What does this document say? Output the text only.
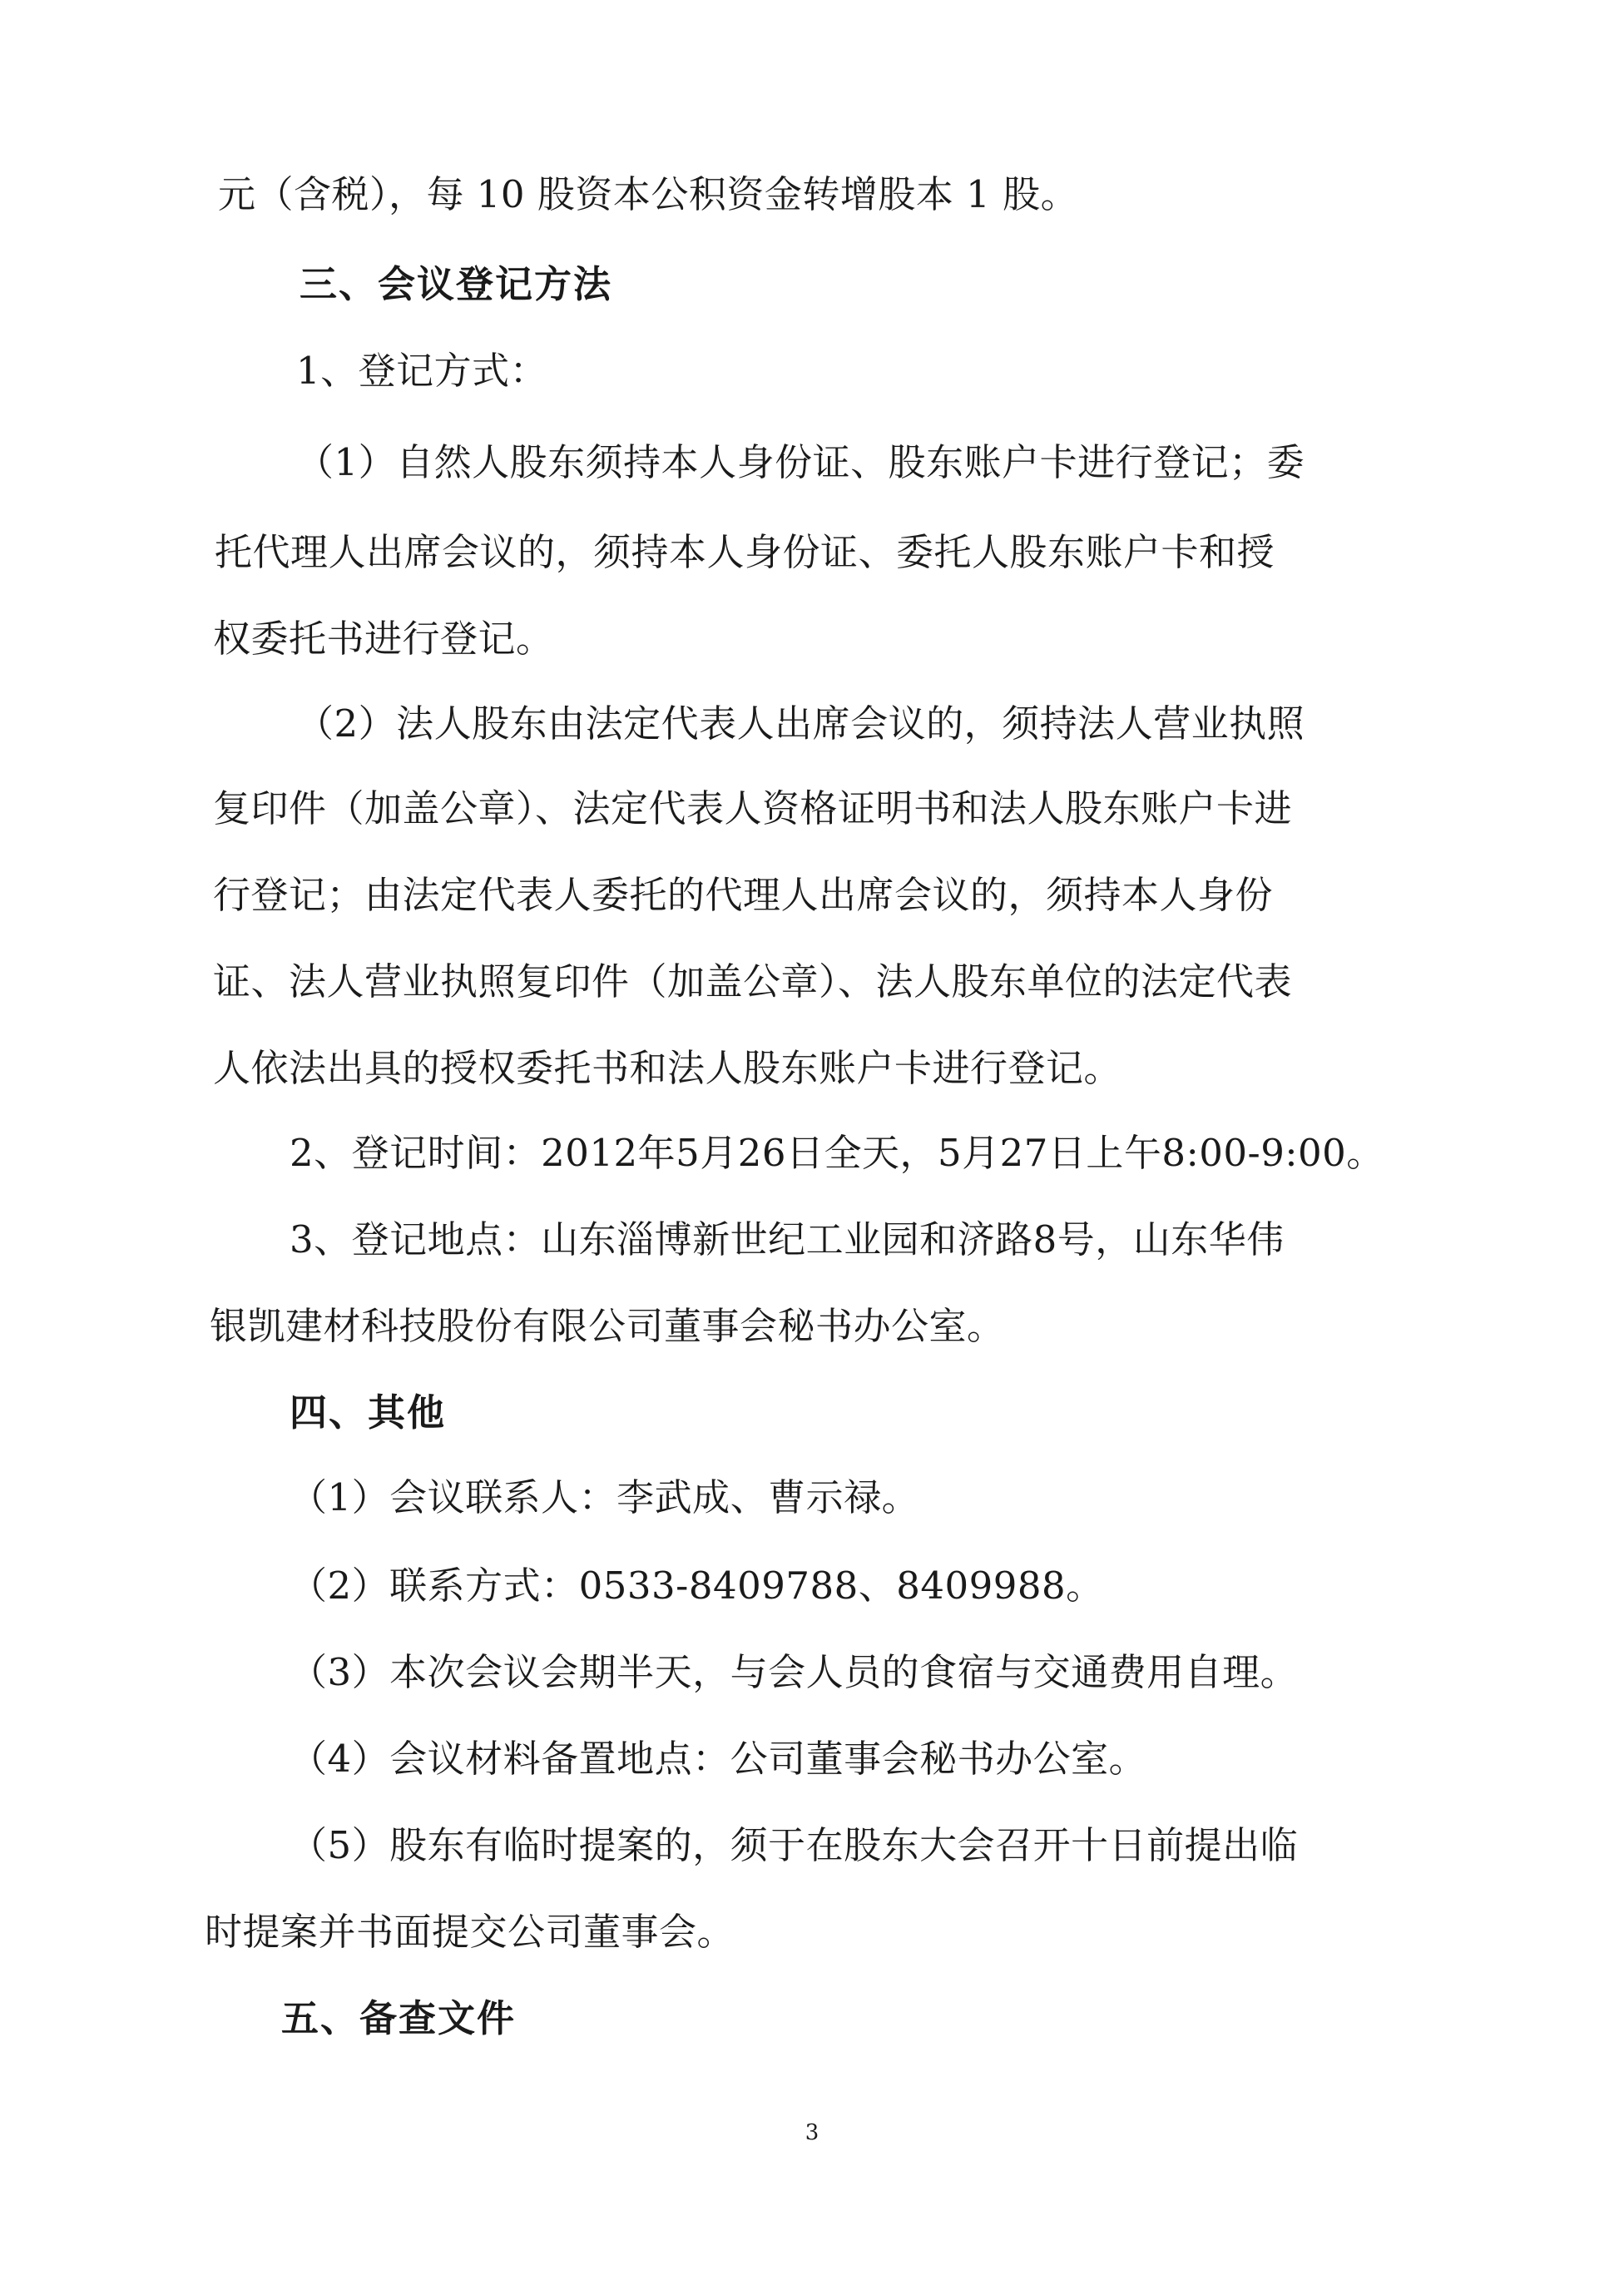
元（含税），每 10 股资本公积资金转增股本 1 股。
三、会议登记方法
1、登记方式：
（1）自然人股东须持本人身份证、股东账户卡进行登记；委
托代理人出席会议的，须持本人身份证、委托人股东账户卡和授
权委托书进行登记。
（2）法人股东由法定代表人出席会议的，须持法人营业执照
复印件（加盖公章）、法定代表人资格证明书和法人股东账户卡进
行登记；由法定代表人委托的代理人出席会议的，须持本人身份
证、法人营业执照复印件（加盖公章）、法人股东单位的法定代表
人依法出具的授权委托书和法人股东账户卡进行登记。
2、登记时间：2012年5月26日全天，5月27日上午8:00-9:00。
3、登记地点：山东淄博新世纪工业园和济路8号，山东华伟
银凯建材科技股份有限公司董事会秘书办公室。
四、其他
（1）会议联系人：李武成、曹示禄。
（2）联系方式：0533-8409788、8409988。
（3）本次会议会期半天，与会人员的食宿与交通费用自理。
（4）会议材料备置地点：公司董事会秘书办公室。
（5）股东有临时提案的，须于在股东大会召开十日前提出临
时提案并书面提交公司董事会。
五、备查文件
3
